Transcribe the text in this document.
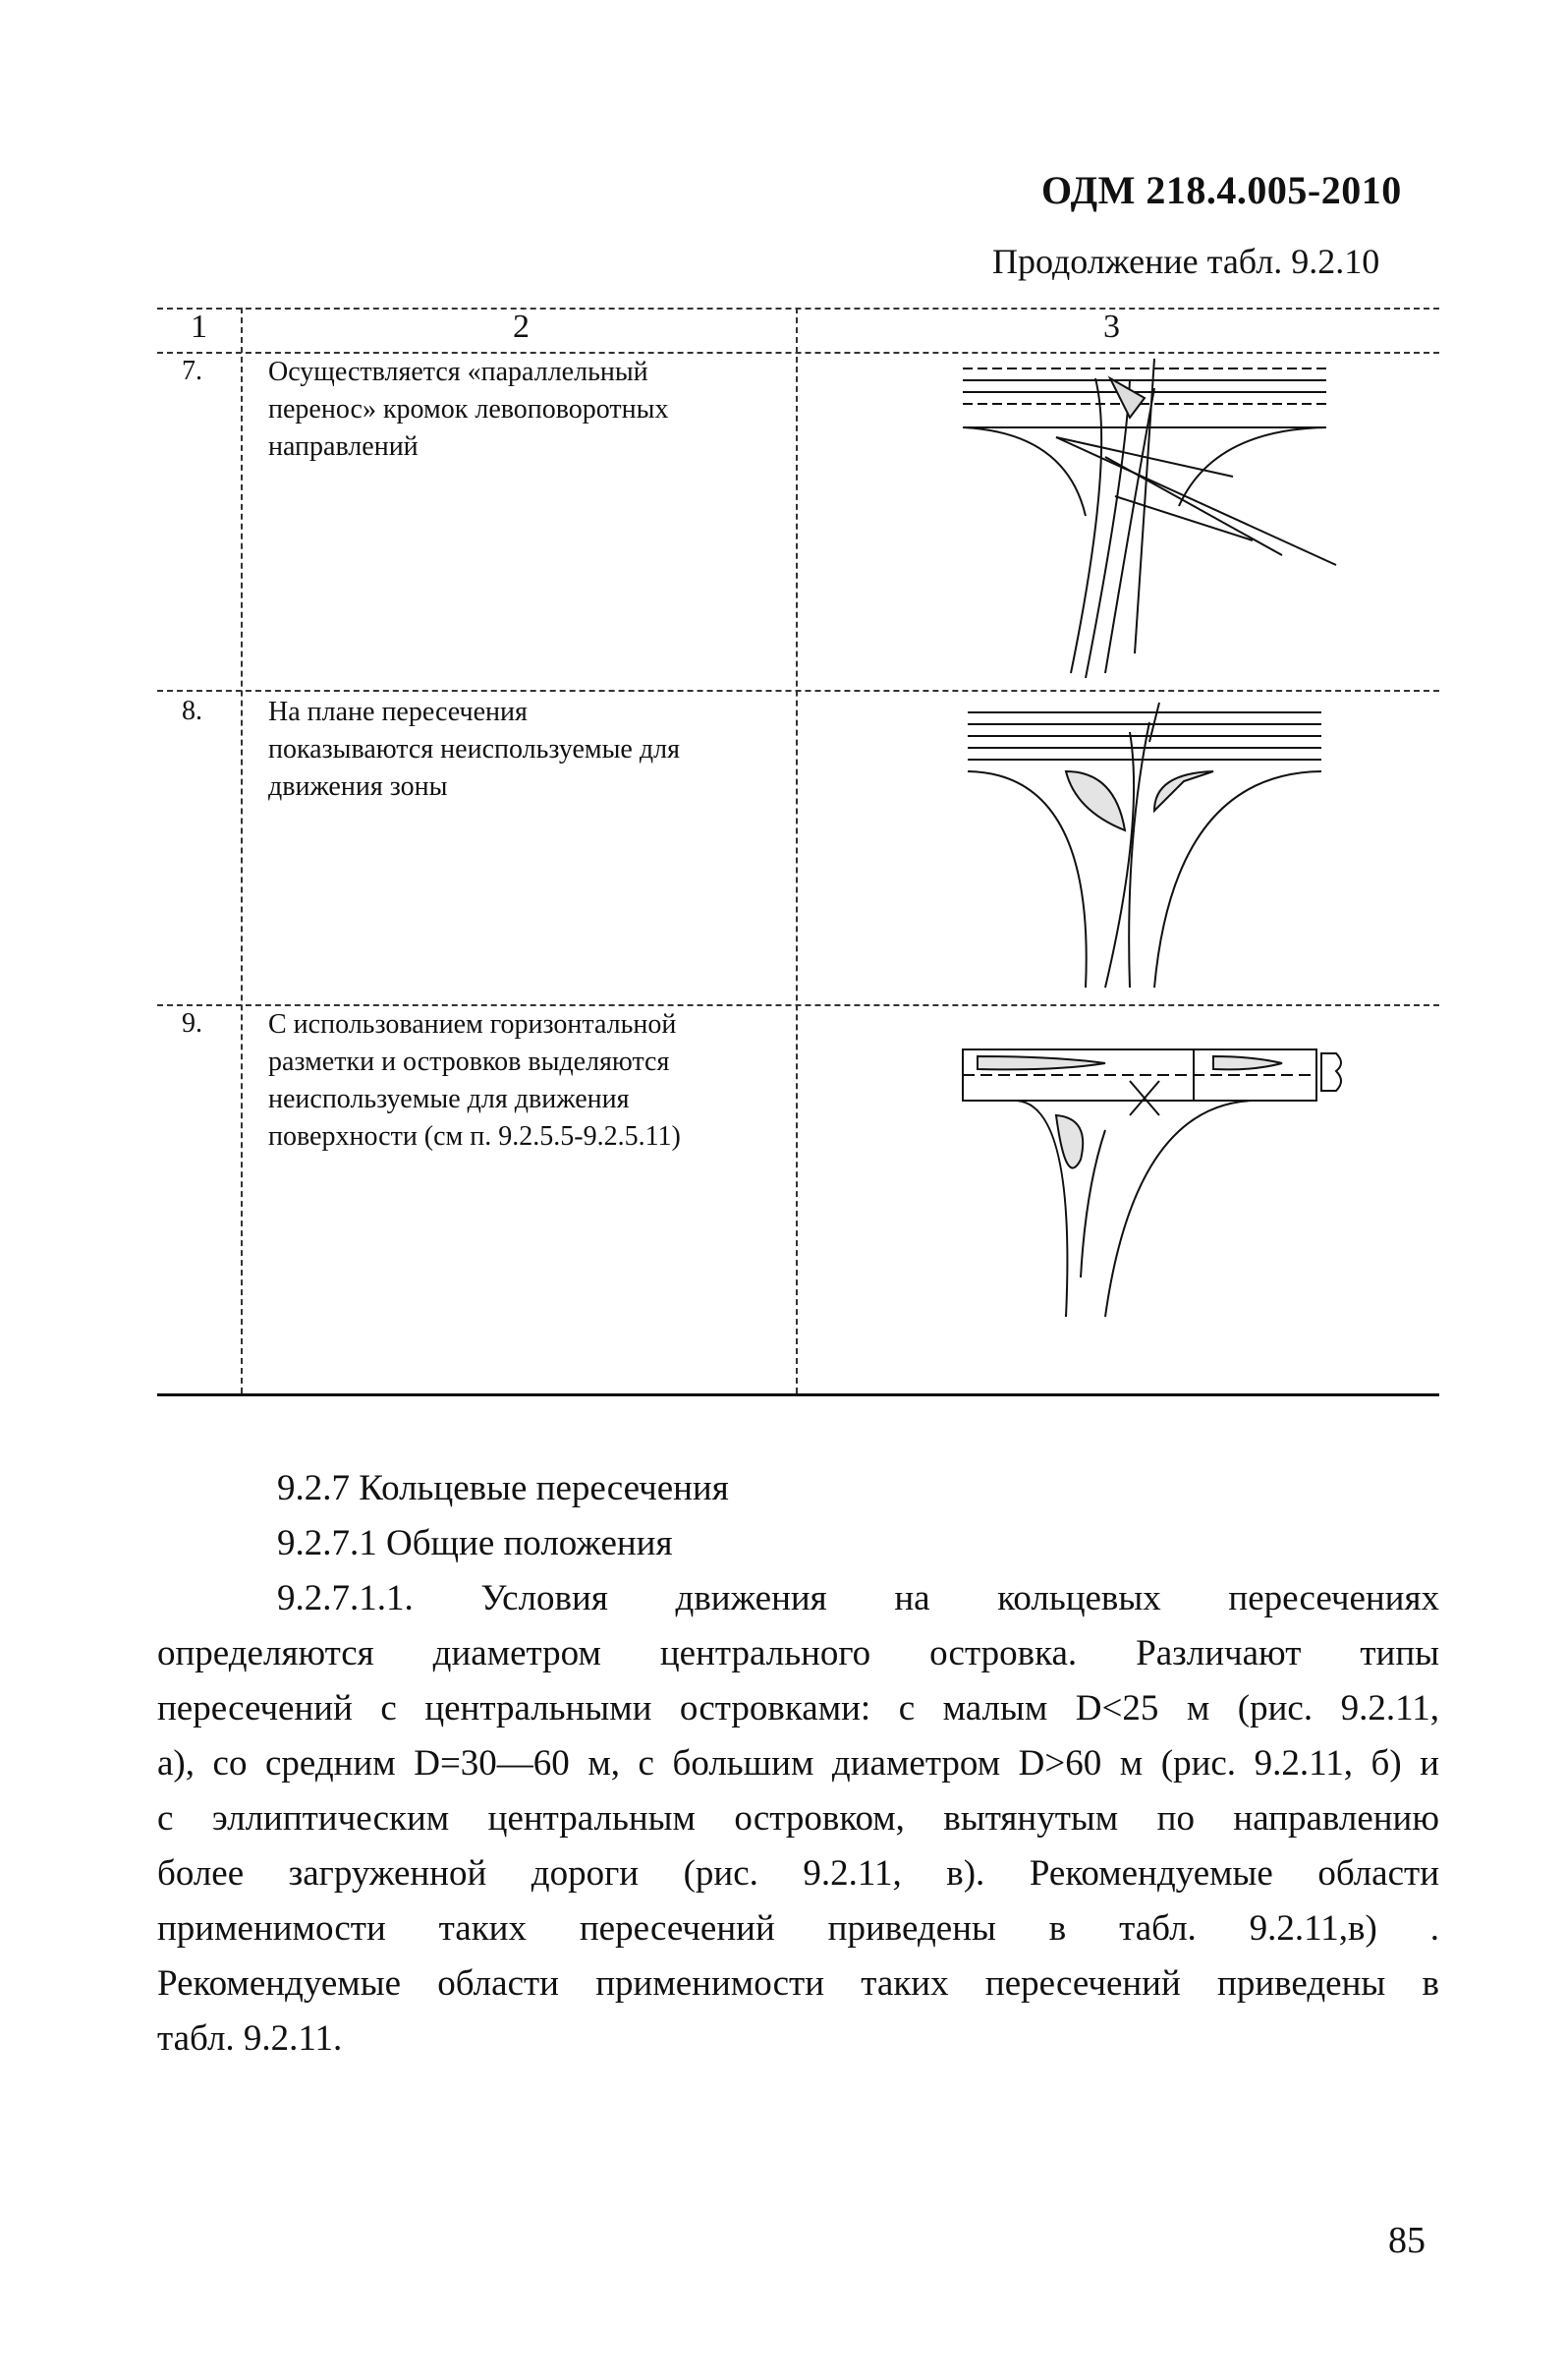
ОДМ 218.4.005-2010
Продолжение табл. 9.2.10
1	2	3
7. Осуществляется «параллельный
перенос» кромок левоповоротных
направлений
8. На плане пересечения
показываются неиспользуемые для
движения зоны
9. С использованием горизонтальной
разметки и островков выделяются
неиспользуемые для движения
поверхности (см п. 9.2.5.5-9.2.5.11)
9.2.7 Кольцевые пересечения
9.2.7.1 Общие положения
9.2.7.1.1. Условия движения на кольцевых пересечениях
определяются диаметром центрального островка. Различают типы
пересечений с центральными островками: с малым D<25 м (рис. 9.2.11,
а), со средним D=30—60 м, с большим диаметром D>60 м (рис. 9.2.11, б) и
с эллиптическим центральным островком, вытянутым по направлению
более загруженной дороги (рис. 9.2.11, в). Рекомендуемые области
применимости таких пересечений приведены в табл. 9.2.11,в) .
Рекомендуемые области применимости таких пересечений приведены в
табл. 9.2.11.
85
